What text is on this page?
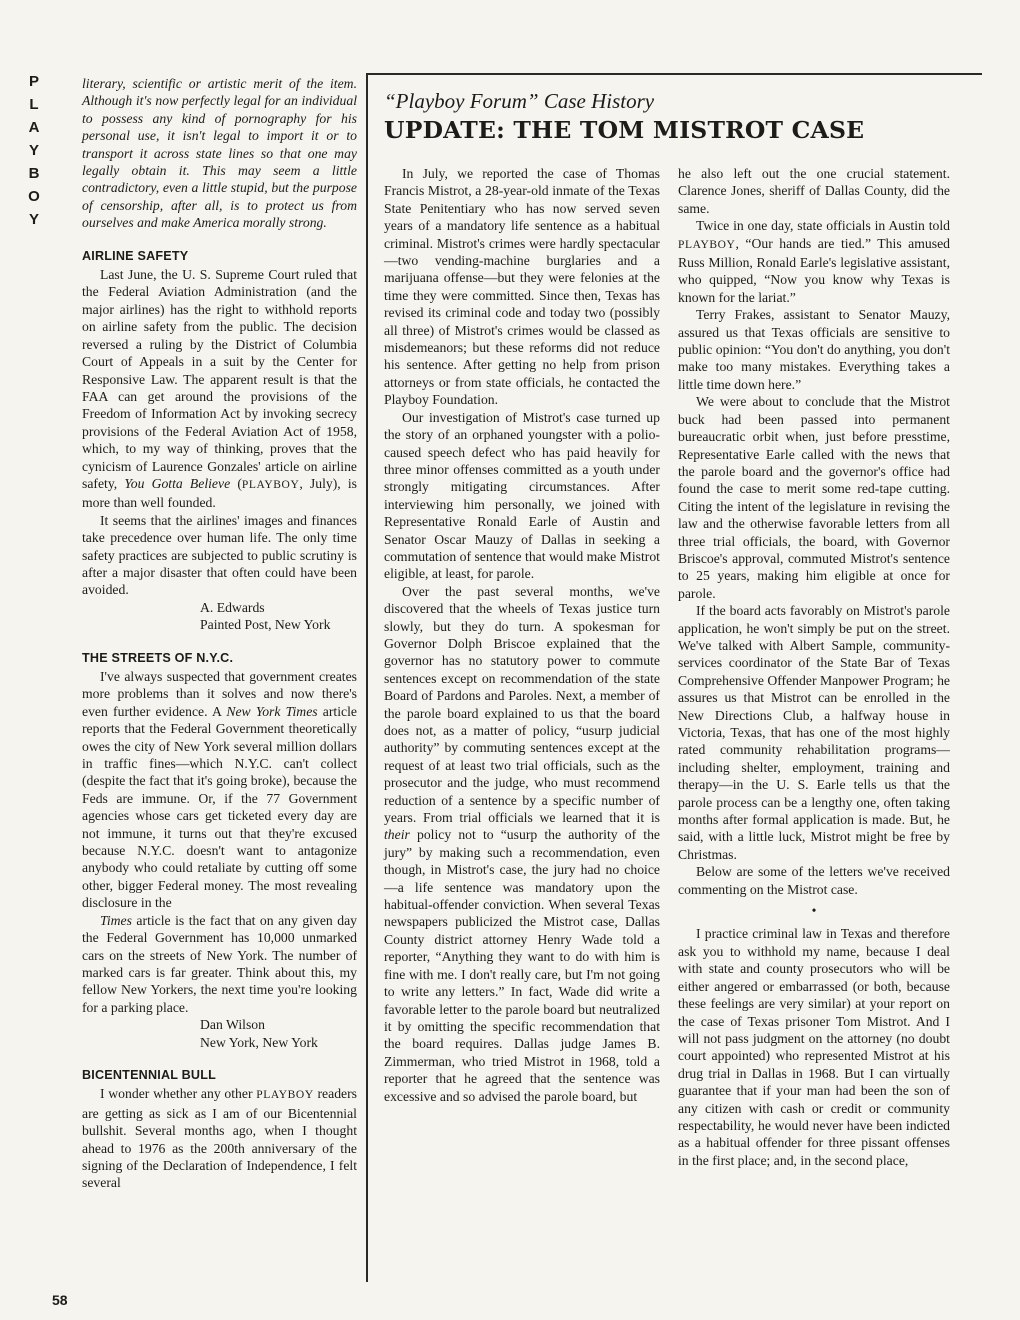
P
L
A
Y
B
O
Y
58

literary, scientific or artistic merit of the item. Although it's now perfectly legal for an individual to possess any kind of pornography for his personal use, it isn't legal to import it or to transport it across state lines so that one may legally obtain it. This may seem a little contradictory, even a little stupid, but the purpose of censorship, after all, is to protect us from ourselves and make America morally strong.

AIRLINE SAFETY

Last June, the U. S. Supreme Court ruled that the Federal Aviation Administration (and the major airlines) has the right to withhold reports on airline safety from the public. The decision reversed a ruling by the District of Columbia Court of Appeals in a suit by the Center for Responsive Law. The apparent result is that the FAA can get around the provisions of the Freedom of Information Act by invoking secrecy provisions of the Federal Aviation Act of 1958, which, to my way of thinking, proves that the cynicism of Laurence Gonzales' article on airline safety, You Gotta Believe (PLAYBOY, July), is more than well founded.

It seems that the airlines' images and finances take precedence over human life. The only time safety practices are subjected to public scrutiny is after a major disaster that often could have been avoided.

A. Edwards

Painted Post, New York

THE STREETS OF N.Y.C.

I've always suspected that government creates more problems than it solves and now there's even further evidence. A New York Times article reports that the Federal Government theoretically owes the city of New York several million dollars in traffic fines—which N.Y.C. can't collect (despite the fact that it's going broke), because the Feds are immune. Or, if the 77 Government agencies whose cars get ticketed every day are not immune, it turns out that they're excused because N.Y.C. doesn't want to antagonize anybody who could retaliate by cutting off some other, bigger Federal money. The most revealing disclosure in the

Times article is the fact that on any given day the Federal Government has 10,000 unmarked cars on the streets of New York. The number of marked cars is far greater. Think about this, my fellow New Yorkers, the next time you're looking for a parking place.

Dan Wilson

New York, New York

BICENTENNIAL BULL

I wonder whether any other PLAYBOY readers are getting as sick as I am of our Bicentennial bullshit. Several months ago, when I thought ahead to 1976 as the 200th anniversary of the signing of the Declaration of Independence, I felt several

“Playboy Forum” Case History
UPDATE: THE TOM MISTROT CASE

In July, we reported the case of Thomas Francis Mistrot, a 28-year-old inmate of the Texas State Penitentiary who has now served seven years of a mandatory life sentence as a habitual criminal. Mistrot's crimes were hardly spectacular—two vending-machine burglaries and a marijuana offense—but they were felonies at the time they were committed. Since then, Texas has revised its criminal code and today two (possibly all three) of Mistrot's crimes would be classed as misdemeanors; but these reforms did not reduce his sentence. After getting no help from prison attorneys or from state officials, he contacted the Playboy Foundation.

Our investigation of Mistrot's case turned up the story of an orphaned youngster with a polio-caused speech defect who has paid heavily for three minor offenses committed as a youth under strongly mitigating circumstances. After interviewing him personally, we joined with Representative Ronald Earle of Austin and Senator Oscar Mauzy of Dallas in seeking a commutation of sentence that would make Mistrot eligible, at least, for parole.

Over the past several months, we've discovered that the wheels of Texas justice turn slowly, but they do turn. A spokesman for Governor Dolph Briscoe explained that the governor has no statutory power to commute sentences except on recommendation of the state Board of Pardons and Paroles. Next, a member of the parole board explained to us that the board does not, as a matter of policy, “usurp judicial authority” by commuting sentences except at the request of at least two trial officials, such as the prosecutor and the judge, who must recommend reduction of a sentence by a specific number of years. From trial officials we learned that it is their policy not to “usurp the authority of the jury” by making such a recommendation, even though, in Mistrot's case, the jury had no choice—a life sentence was mandatory upon the habitual-offender conviction. When several Texas newspapers publicized the Mistrot case, Dallas County district attorney Henry Wade told a reporter, “Anything they want to do with him is fine with me. I don't really care, but I'm not going to write any letters.” In fact, Wade did write a favorable letter to the parole board but neutralized it by omitting the specific recommendation that the board requires. Dallas judge James B. Zimmerman, who tried Mistrot in 1968, told a reporter that he agreed that the sentence was excessive and so advised the parole board, but

he also left out the one crucial statement. Clarence Jones, sheriff of Dallas County, did the same.

Twice in one day, state officials in Austin told PLAYBOY, “Our hands are tied.” This amused Russ Million, Ronald Earle's legislative assistant, who quipped, “Now you know why Texas is known for the lariat.”

Terry Frakes, assistant to Senator Mauzy, assured us that Texas officials are sensitive to public opinion: “You don't do anything, you don't make too many mistakes. Everything takes a little time down here.”

We were about to conclude that the Mistrot buck had been passed into permanent bureaucratic orbit when, just before presstime, Representative Earle called with the news that the parole board and the governor's office had found the case to merit some red-tape cutting. Citing the intent of the legislature in revising the law and the otherwise favorable letters from all three trial officials, the board, with Governor Briscoe's approval, commuted Mistrot's sentence to 25 years, making him eligible at once for parole.

If the board acts favorably on Mistrot's parole application, he won't simply be put on the street. We've talked with Albert Sample, community-services coordinator of the State Bar of Texas Comprehensive Offender Manpower Program; he assures us that Mistrot can be enrolled in the New Directions Club, a halfway house in Victoria, Texas, that has one of the most highly rated community rehabilitation programs—including shelter, employment, training and therapy—in the U. S. Earle tells us that the parole process can be a lengthy one, often taking months after formal application is made. But, he said, with a little luck, Mistrot might be free by Christmas.

Below are some of the letters we've received commenting on the Mistrot case.

•

I practice criminal law in Texas and therefore ask you to withhold my name, because I deal with state and county prosecutors who will be either angered or embarrassed (or both, because these feelings are very similar) at your report on the case of Texas prisoner Tom Mistrot. And I will not pass judgment on the attorney (no doubt court appointed) who represented Mistrot at his drug trial in Dallas in 1968. But I can virtually guarantee that if your man had been the son of any citizen with cash or credit or community respectability, he would never have been indicted as a habitual offender for three pissant offenses in the first place; and, in the second place,
